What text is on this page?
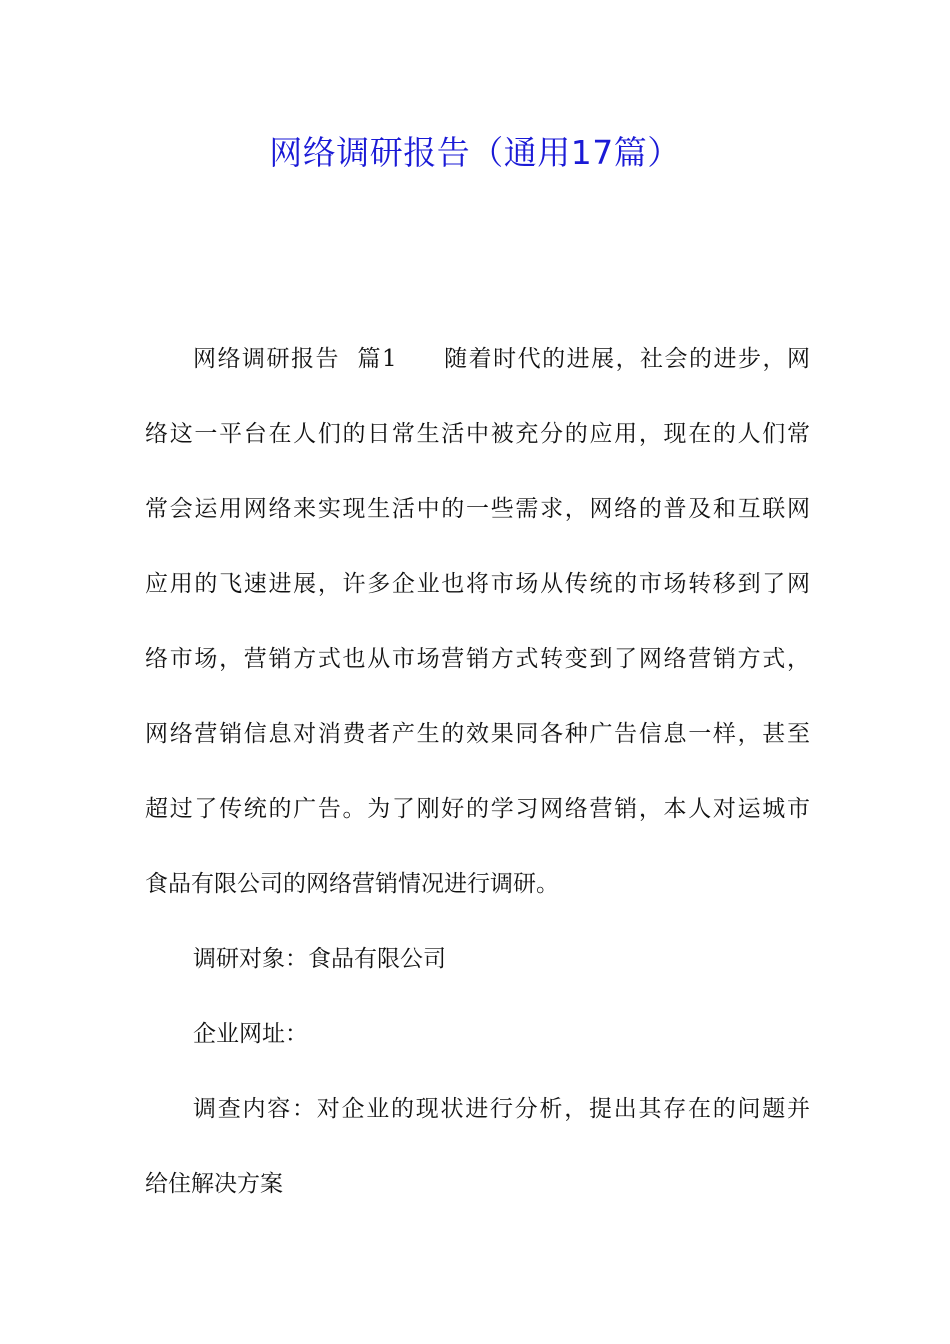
网络调研报告（通用17篇）
网络调研报告  篇1 随着时代的进展，社会的进步，网
络这一平台在人们的日常生活中被充分的应用，现在的人们常
常会运用网络来实现生活中的一些需求，网络的普及和互联网
应用的飞速进展，许多企业也将市场从传统的市场转移到了网
络市场，营销方式也从市场营销方式转变到了网络营销方式，
网络营销信息对消费者产生的效果同各种广告信息一样，甚至
超过了传统的广告。为了刚好的学习网络营销，本人对运城市
食品有限公司的网络营销情况进行调研。
调研对象：食品有限公司
企业网址：
调查内容：对企业的现状进行分析，提出其存在的问题并
给住解决方案
